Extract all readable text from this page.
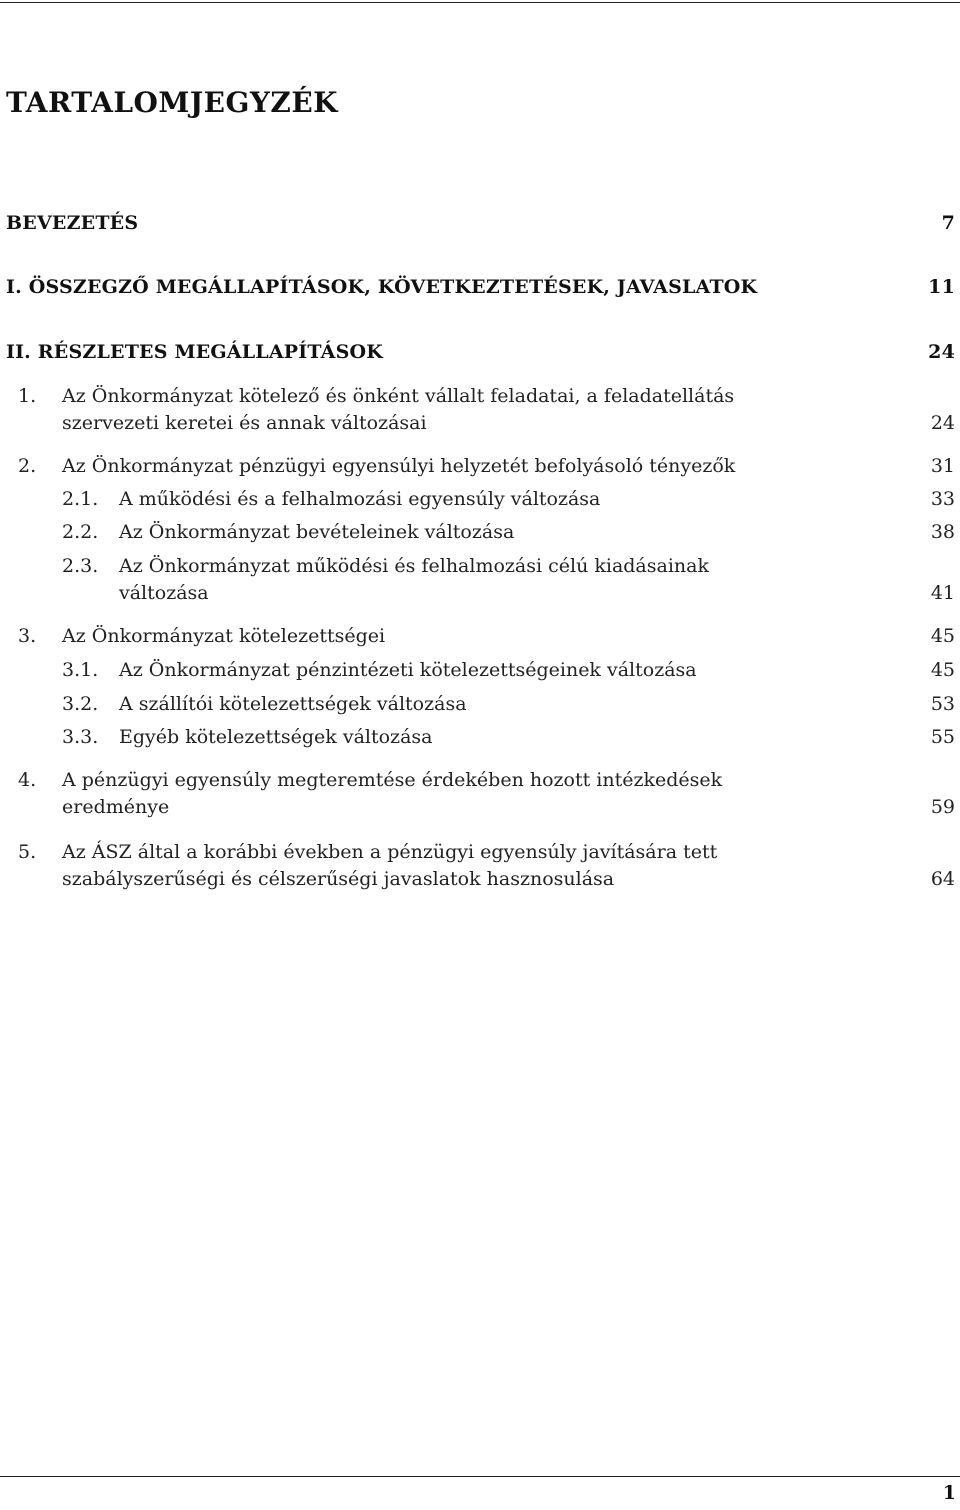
TARTALOMJEGYZÉK
BEVEZETÉS	7
I. ÖSSZEGZŐ MEGÁLLAPÍTÁSOK, KÖVETKEZTETÉSEK, JAVASLATOK	11
II. RÉSZLETES MEGÁLLAPÍTÁSOK	24
1. Az Önkormányzat kötelező és önként vállalt feladatai, a feladatellátás
szervezeti keretei és annak változásai	24
2. Az Önkormányzat pénzügyi egyensúlyi helyzetét befolyásoló tényezők	31
2.1. A működési és a felhalmozási egyensúly változása	33
2.2. Az Önkormányzat bevételeinek változása	38
2.3. Az Önkormányzat működési és felhalmozási célú kiadásainak
változása	41
3. Az Önkormányzat kötelezettségei	45
3.1. Az Önkormányzat pénzintézeti kötelezettségeinek változása	45
3.2. A szállítói kötelezettségek változása	53
3.3. Egyéb kötelezettségek változása	55
4. A pénzügyi egyensúly megteremtése érdekében hozott intézkedések
eredménye	59
5. Az ÁSZ által a korábbi években a pénzügyi egyensúly javítására tett
szabályszerűségi és célszerűségi javaslatok hasznosulása	64
1
